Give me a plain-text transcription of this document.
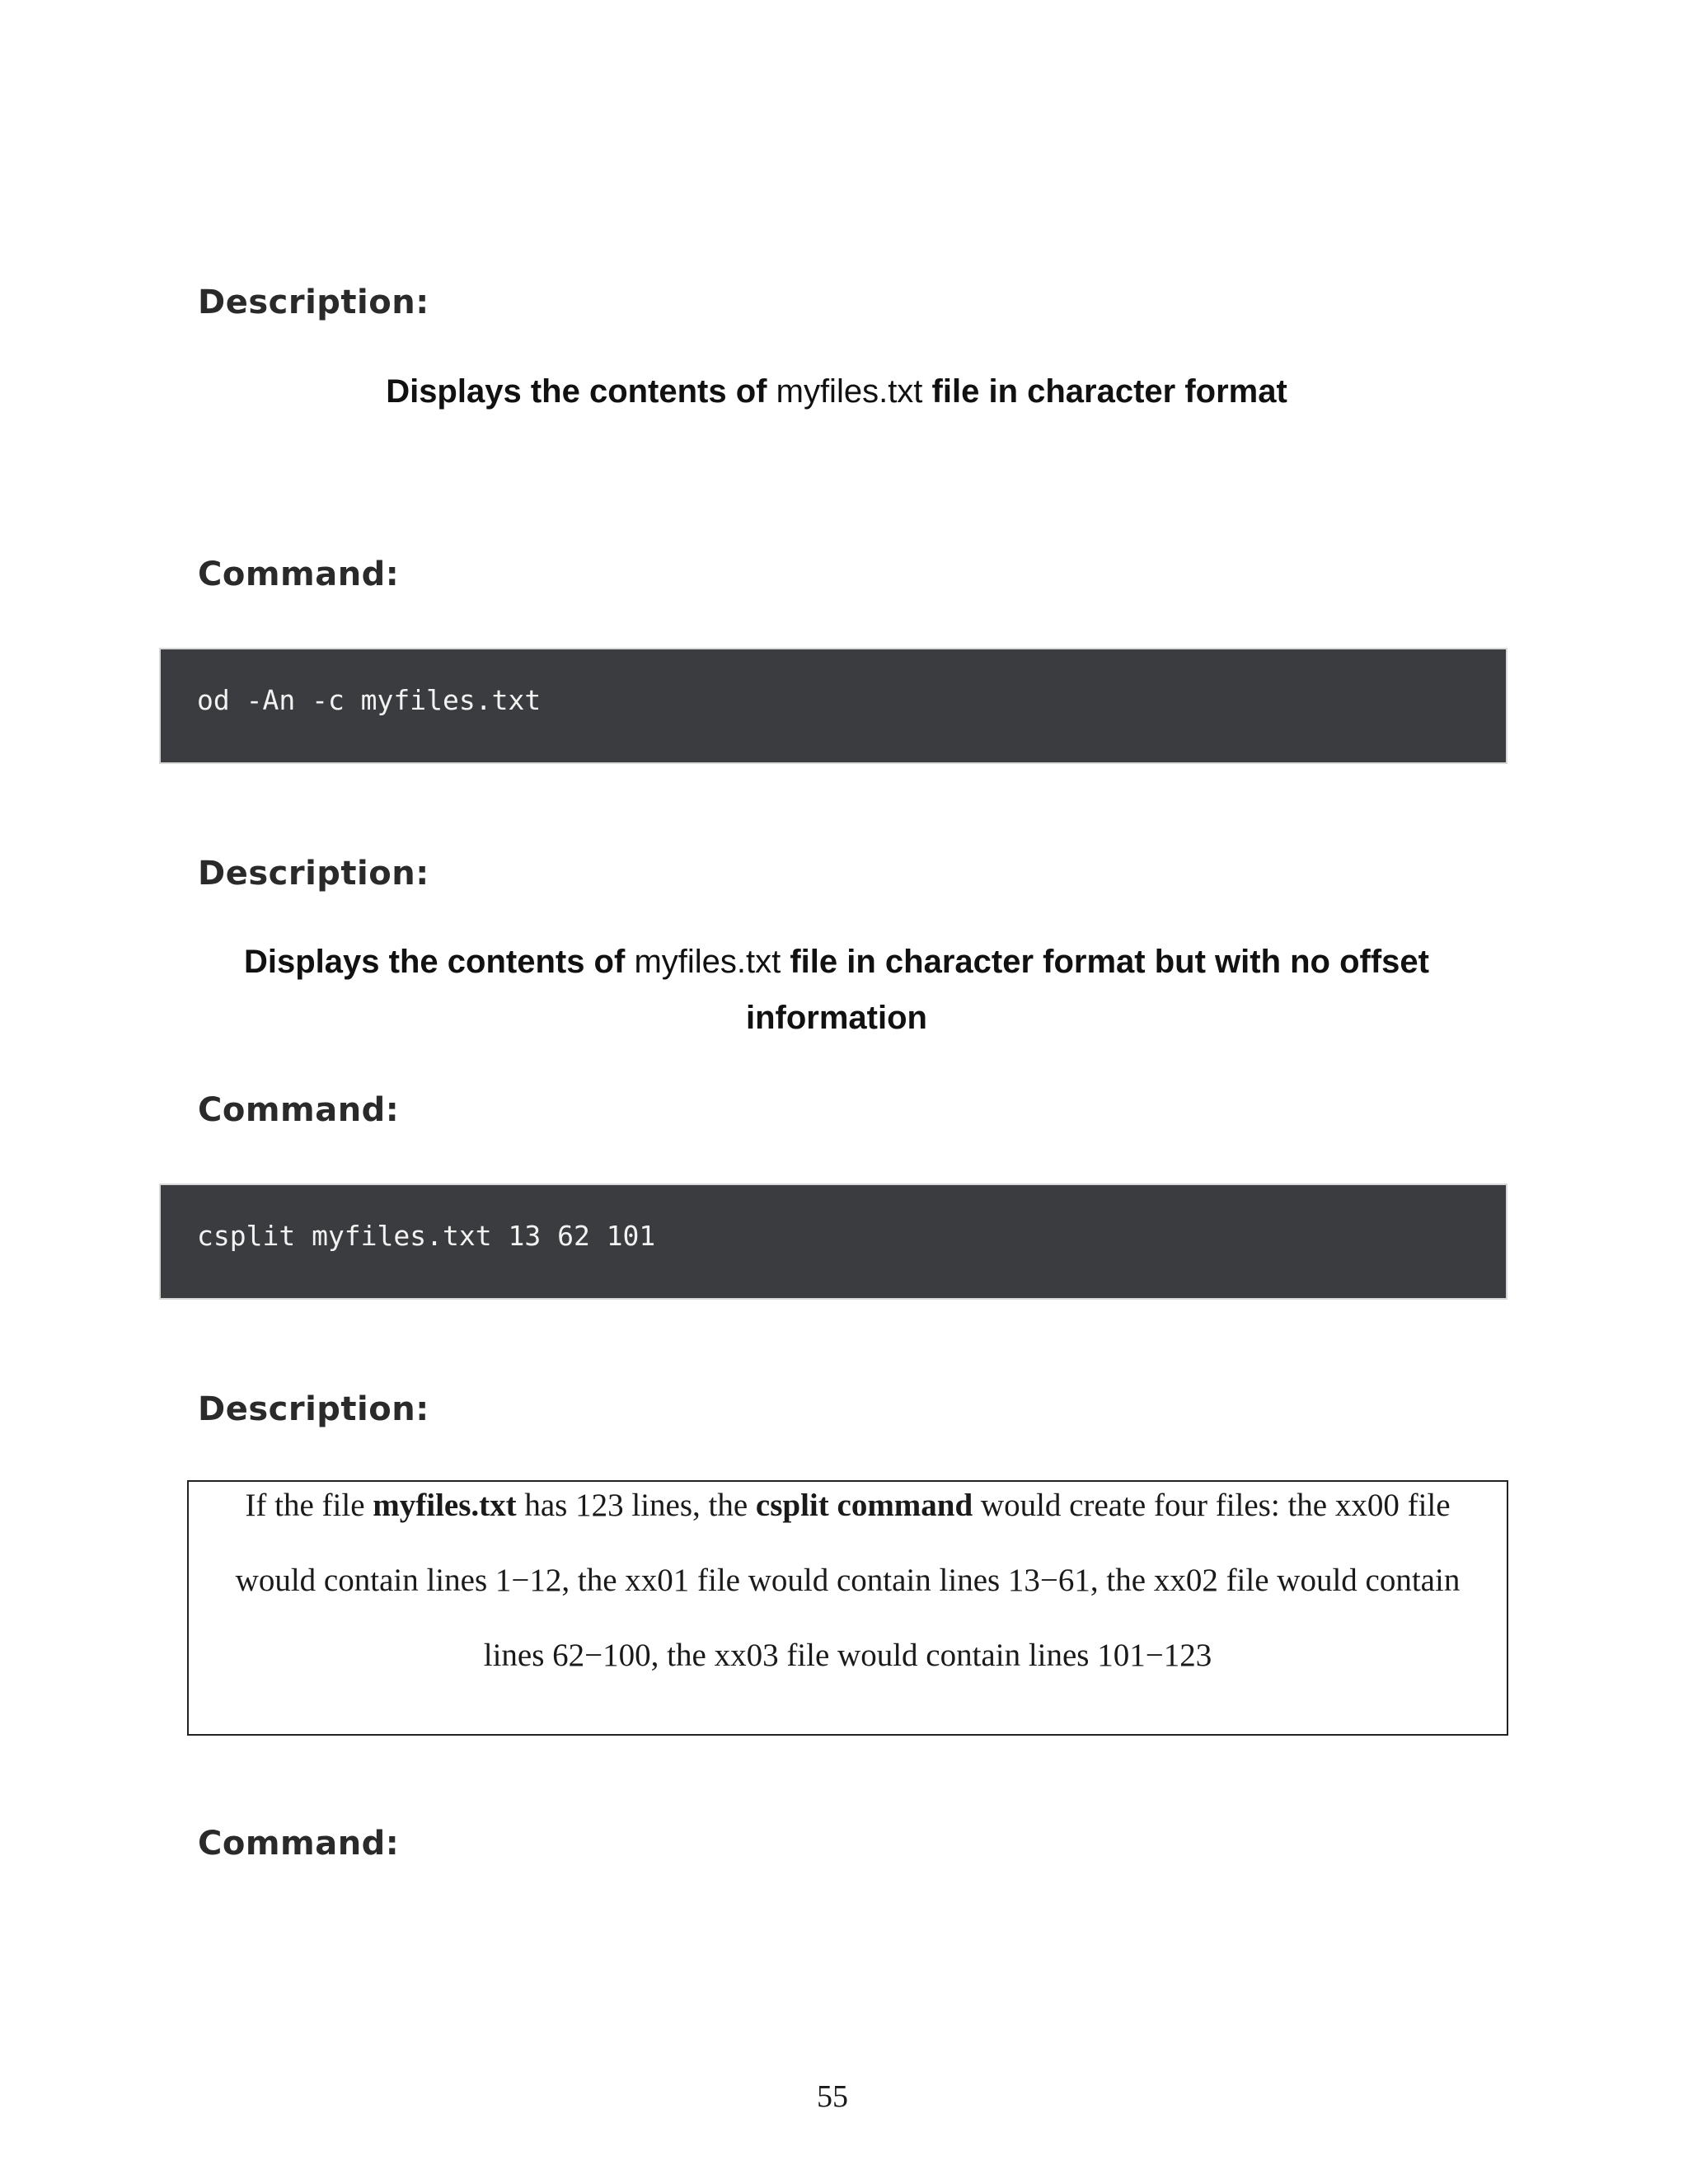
Description:

Displays the contents of myfiles.txt file in character format

Command:
od -An -c myfiles.txt
Description:

Displays the contents of myfiles.txt file in character format but with no offset

information

Command:
csplit myfiles.txt 13 62 101
Description:
If the file myfiles.txt has 123 lines, the csplit command would create four files: the xx00 file
would contain lines 1−12, the xx01 file would contain lines 13−61, the xx02 file would contain
lines 62−100, the xx03 file would contain lines 101−123
Command:
55
